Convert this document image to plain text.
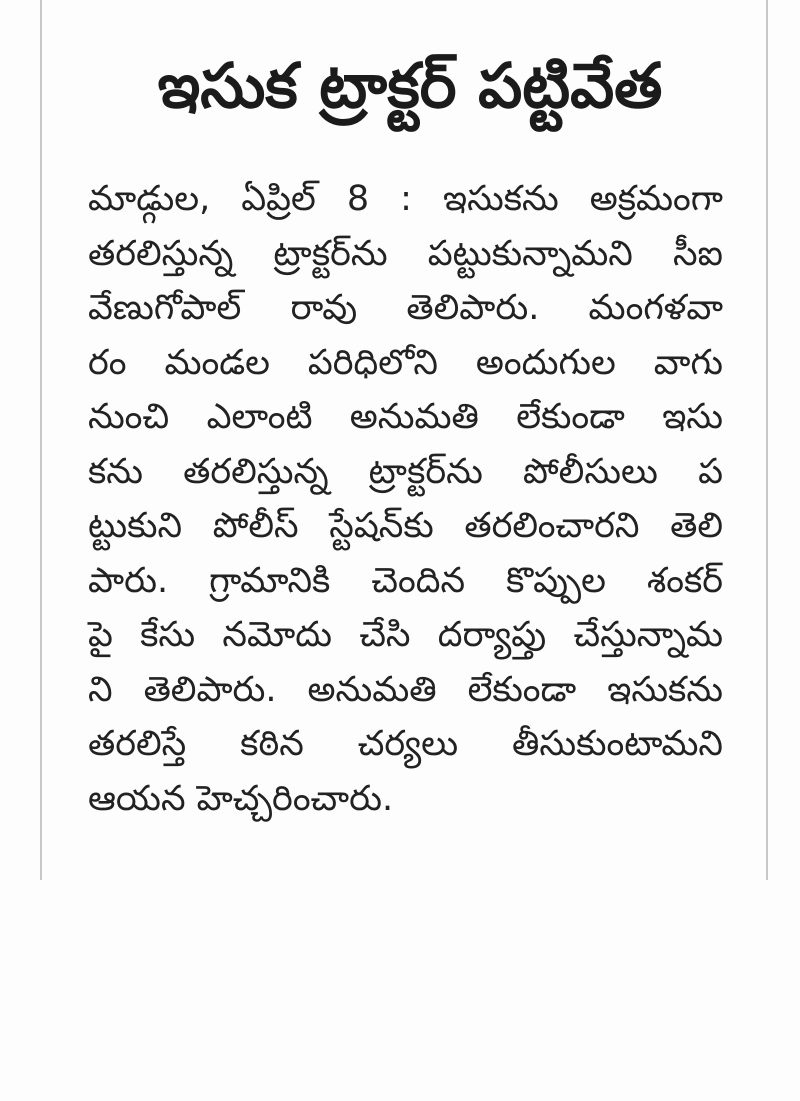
ఇసుక ట్రాక్టర్ పట్టివేత
మాడ్గుల, ఏప్రిల్ 8 : ఇసుకను అక్రమంగా
తరలిస్తున్న ట్రాక్టర్‌ను పట్టుకున్నామని సీఐ
వేణుగోపాల్ రావు తెలిపారు. మంగళవా
రం మండల పరిధిలోని అందుగుల వాగు
నుంచి ఎలాంటి అనుమతి లేకుండా ఇసు
కను తరలిస్తున్న ట్రాక్టర్‌ను పోలీసులు ప
ట్టుకుని పోలీస్ స్టేషన్‌కు తరలించారని తెలి
పారు. గ్రామానికి చెందిన కొప్పుల శంకర్
పై కేసు నమోదు చేసి దర్యాప్తు చేస్తున్నామ
ని తెలిపారు. అనుమతి లేకుండా ఇసుకను
తరలిస్తే కఠిన చర్యలు తీసుకుంటామని
ఆయన హెచ్చరించారు.
